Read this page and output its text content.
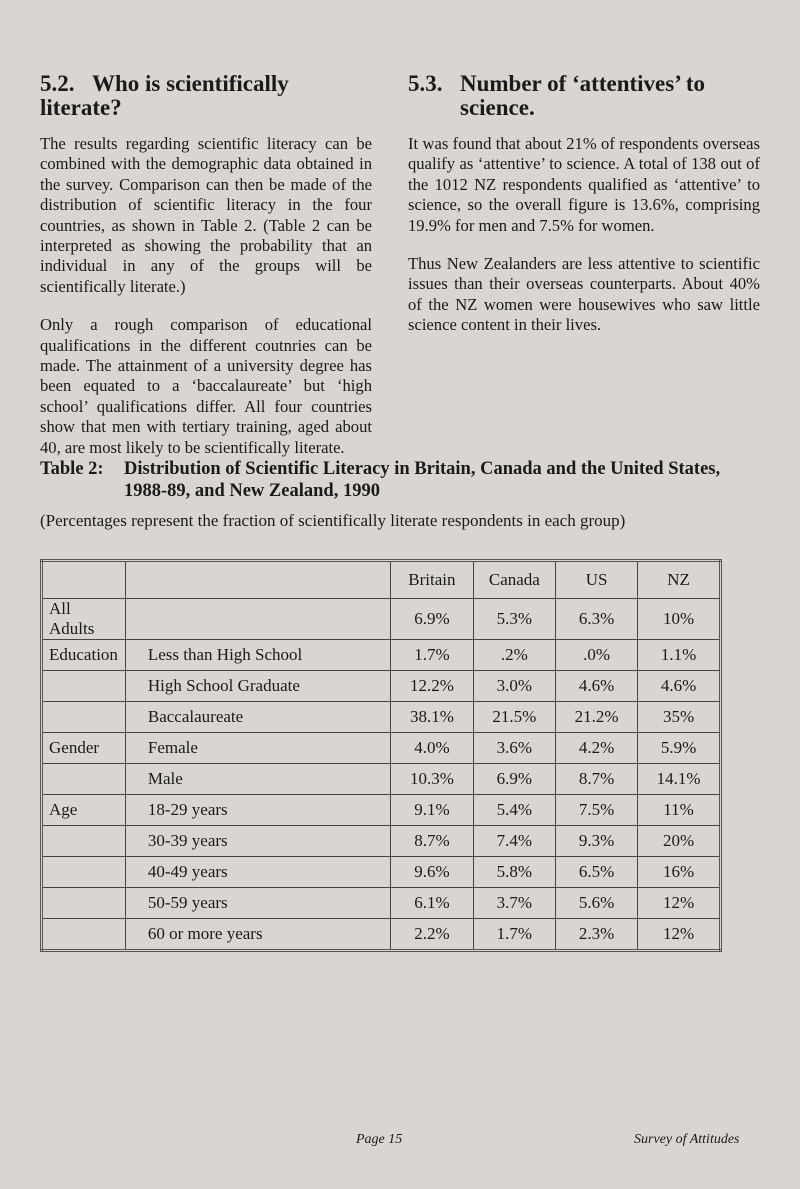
5.2. Who is scientifically literate?

The results regarding scientific literacy can be combined with the demographic data obtained in the survey. Comparison can then be made of the distribution of scientific literacy in the four countries, as shown in Table 2. (Table 2 can be interpreted as showing the probability that an individual in any of the groups will be scientifically literate.)

Only a rough comparison of educational qualifications in the different coutnries can be made. The attainment of a university degree has been equated to a ‘baccalaureate’ but ‘high school’ qualifications differ. All four countries show that men with tertiary training, aged about 40, are most likely to be scientifically literate.

5.3. Number of ‘attentives’ to
science.

It was found that about 21% of respondents overseas qualify as ‘attentive’ to science. A total of 138 out of the 1012 NZ respondents qualified as ‘attentive’ to science, so the overall figure is 13.6%, comprising 19.9% for men and 7.5% for women.

Thus New Zealanders are less attentive to scientific issues than their overseas counterparts. About 40% of the NZ women were housewives who saw little science content in their lives.

Table 2:	Distribution of Scientific Literacy in Britain, Canada and the United States, 1988-89, and New Zealand, 1990
(Percentages represent the fraction of scientifically literate respondents in each group)
		Britain	Canada	US	NZ
All Adults		6.9%	5.3%	6.3%	10%
Education	Less than High School	1.7%	.2%	.0%	1.1%
	High School Graduate	12.2%	3.0%	4.6%	4.6%
	Baccalaureate	38.1%	21.5%	21.2%	35%
Gender	Female	4.0%	3.6%	4.2%	5.9%
	Male	10.3%	6.9%	8.7%	14.1%
Age	18-29 years	9.1%	5.4%	7.5%	11%
	30-39 years	8.7%	7.4%	9.3%	20%
	40-49 years	9.6%	5.8%	6.5%	16%
	50-59 years	6.1%	3.7%	5.6%	12%
	60 or more years	2.2%	1.7%	2.3%	12%
Page 15	Survey of Attitudes
